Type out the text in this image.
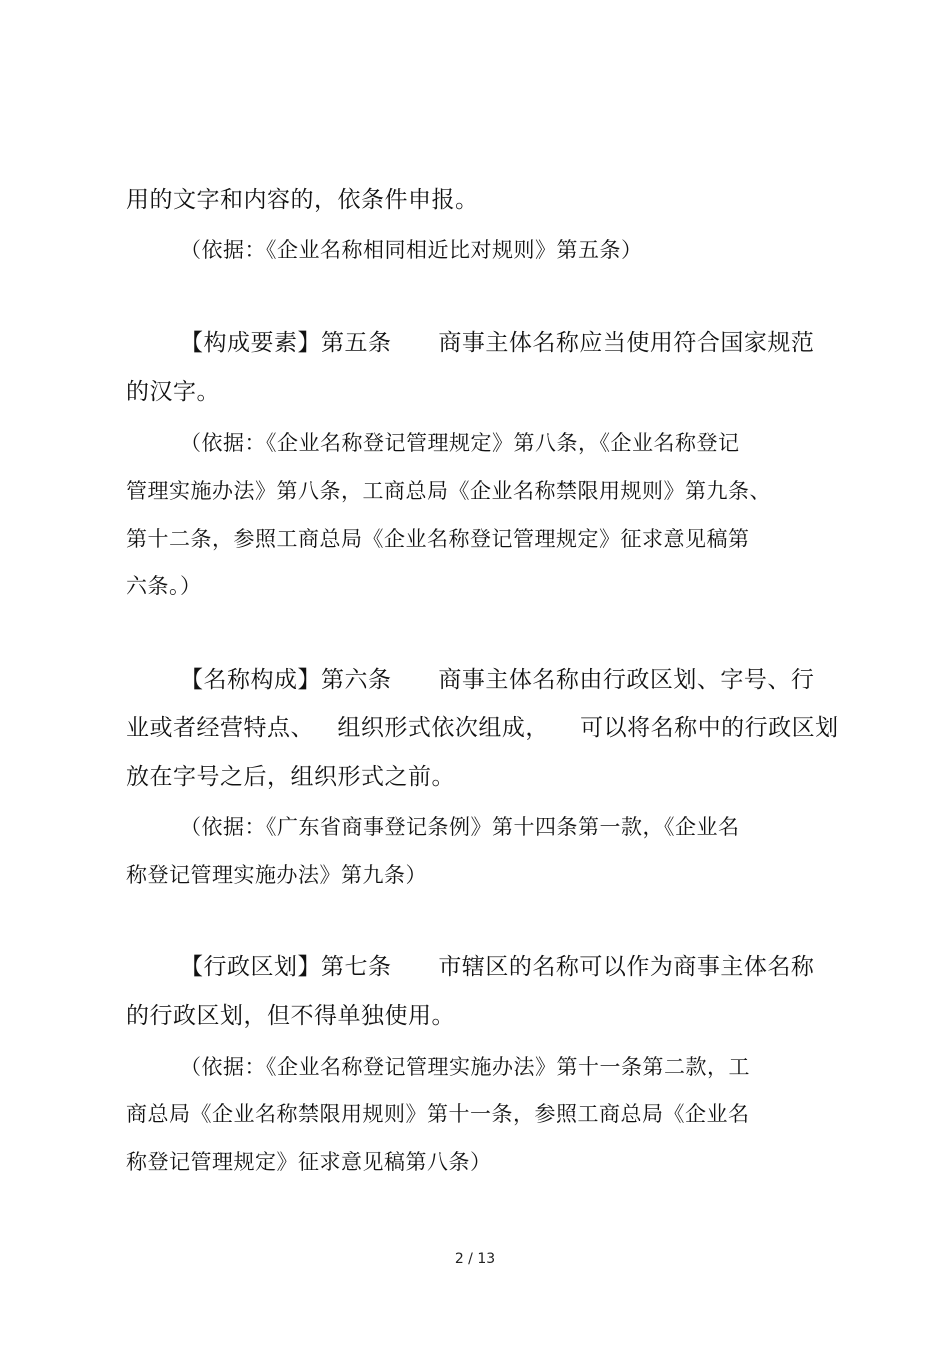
用的文字和内容的，依条件申报。
（依据：《企业名称相同相近比对规则》第五条）
【构成要素】第五条      商事主体名称应当使用符合国家规范
的汉字。
（依据：《企业名称登记管理规定》第八条，《企业名称登记
管理实施办法》第八条，工商总局《企业名称禁限用规则》第九条、
第十二条，参照工商总局《企业名称登记管理规定》征求意见稿第
六条。）
【名称构成】第六条      商事主体名称由行政区划、字号、行
业或者经营特点、   组织形式依次组成，    可以将名称中的行政区划
放在字号之后，组织形式之前。
（依据：《广东省商事登记条例》第十四条第一款，《企业名
称登记管理实施办法》第九条）
【行政区划】第七条      市辖区的名称可以作为商事主体名称
的行政区划，但不得单独使用。
（依据：《企业名称登记管理实施办法》第十一条第二款，工
商总局《企业名称禁限用规则》第十一条，参照工商总局《企业名
称登记管理规定》征求意见稿第八条）
2 / 13
